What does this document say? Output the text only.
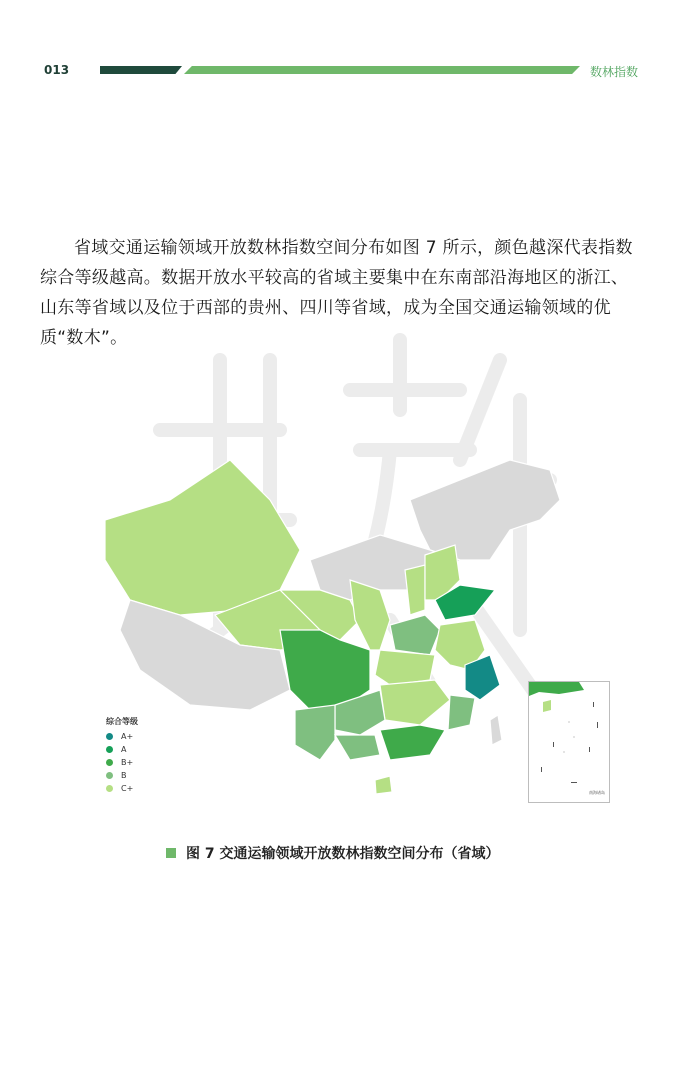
013	数林指数

省域交通运输领域开放数林指数空间分布如图 7 所示，颜色越深代表指数综合等级越高。数据开放水平较高的省域主要集中在东南部沿海地区的浙江、山东等省域以及位于西部的贵州、四川等省域，成为全国交通运输领域的优质“数木”。

综合等级
A+
A
B+
B
C+	南海诸岛
图 7 交通运输领域开放数林指数空间分布（省域）
